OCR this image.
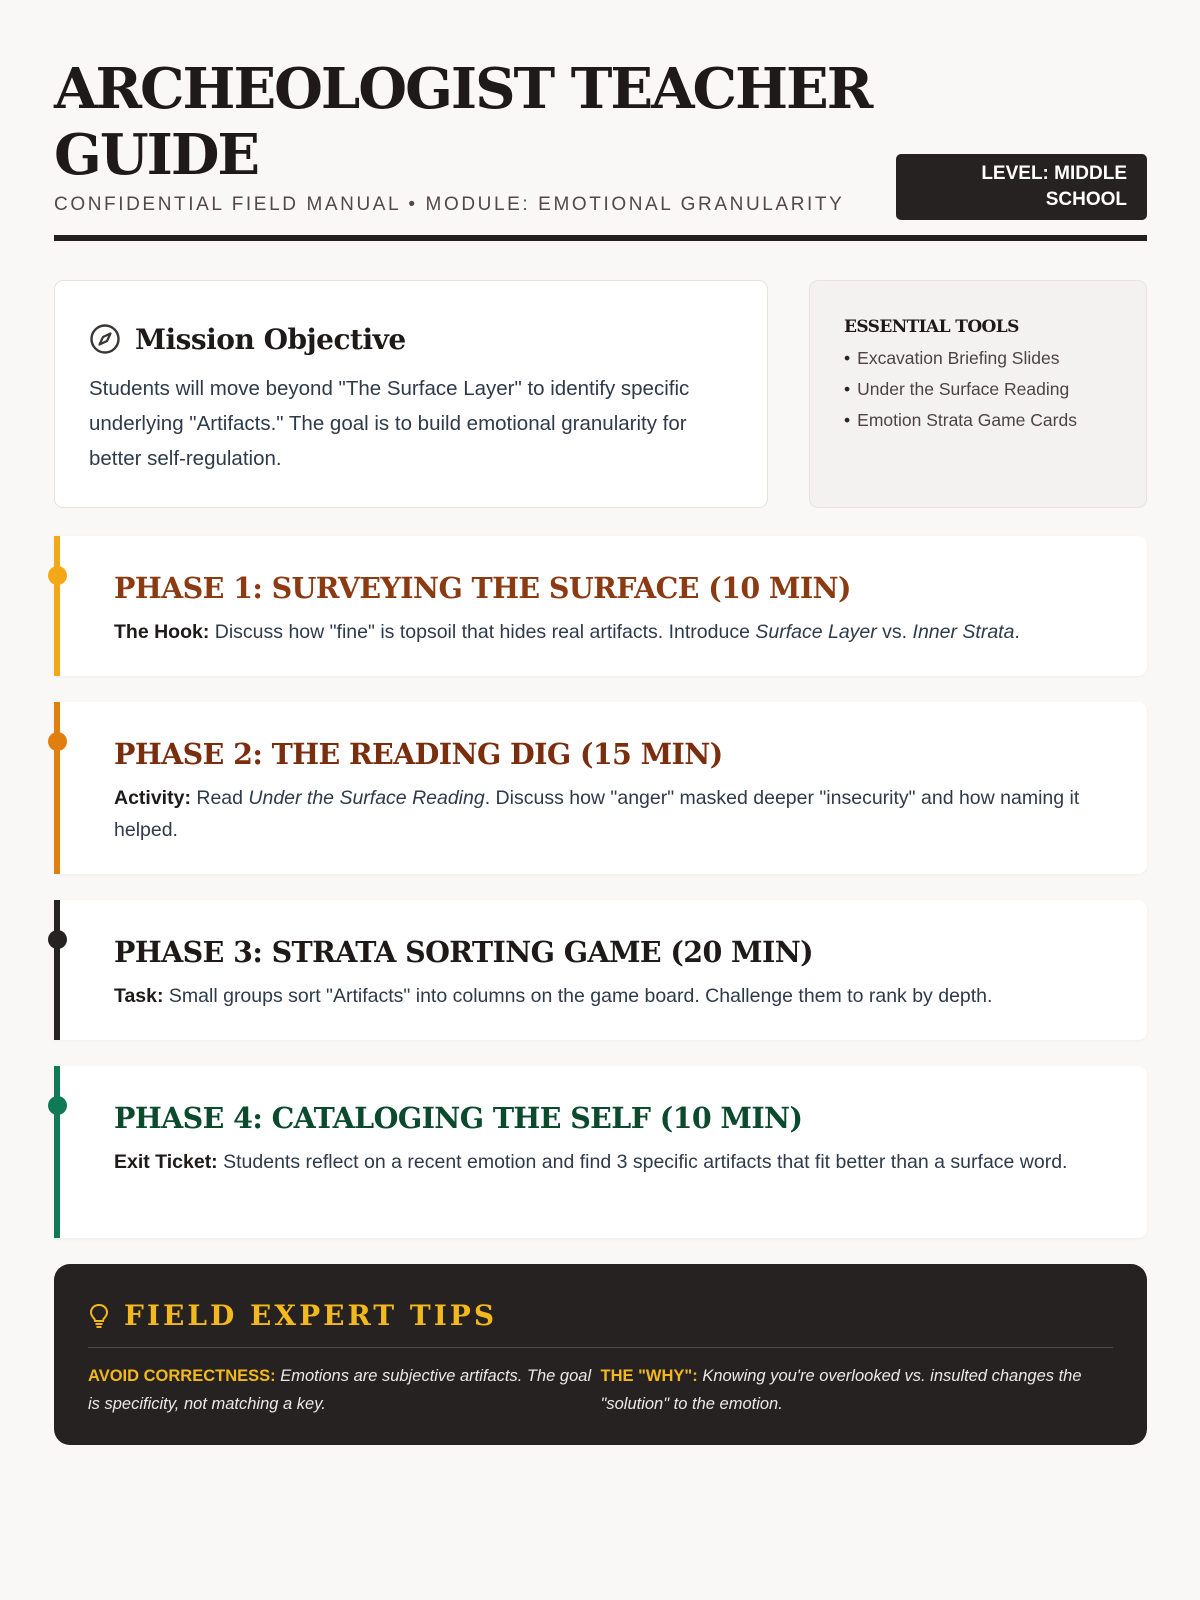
ARCHEOLOGIST TEACHER GUIDE
CONFIDENTIAL FIELD MANUAL • MODULE: EMOTIONAL GRANULARITY
LEVEL: MIDDLE SCHOOL
Mission Objective

Students will move beyond "The Surface Layer" to identify specific underlying "Artifacts." The goal is to build emotional granularity for better self-regulation.

ESSENTIAL TOOLS
• Excavation Briefing Slides
• Under the Surface Reading
• Emotion Strata Game Cards
PHASE 1: SURVEYING THE SURFACE (10 MIN)

The Hook: Discuss how "fine" is topsoil that hides real artifacts. Introduce Surface Layer vs. Inner Strata.

PHASE 2: THE READING DIG (15 MIN)

Activity: Read Under the Surface Reading. Discuss how "anger" masked deeper "insecurity" and how naming it helped.

PHASE 3: STRATA SORTING GAME (20 MIN)

Task: Small groups sort "Artifacts" into columns on the game board. Challenge them to rank by depth.

PHASE 4: CATALOGING THE SELF (10 MIN)

Exit Ticket: Students reflect on a recent emotion and find 3 specific artifacts that fit better than a surface word.

FIELD EXPERT TIPS

AVOID CORRECTNESS: Emotions are subjective artifacts. The goal is specificity, not matching a key.

THE "WHY": Knowing you're overlooked vs. insulted changes the "solution" to the emotion.
